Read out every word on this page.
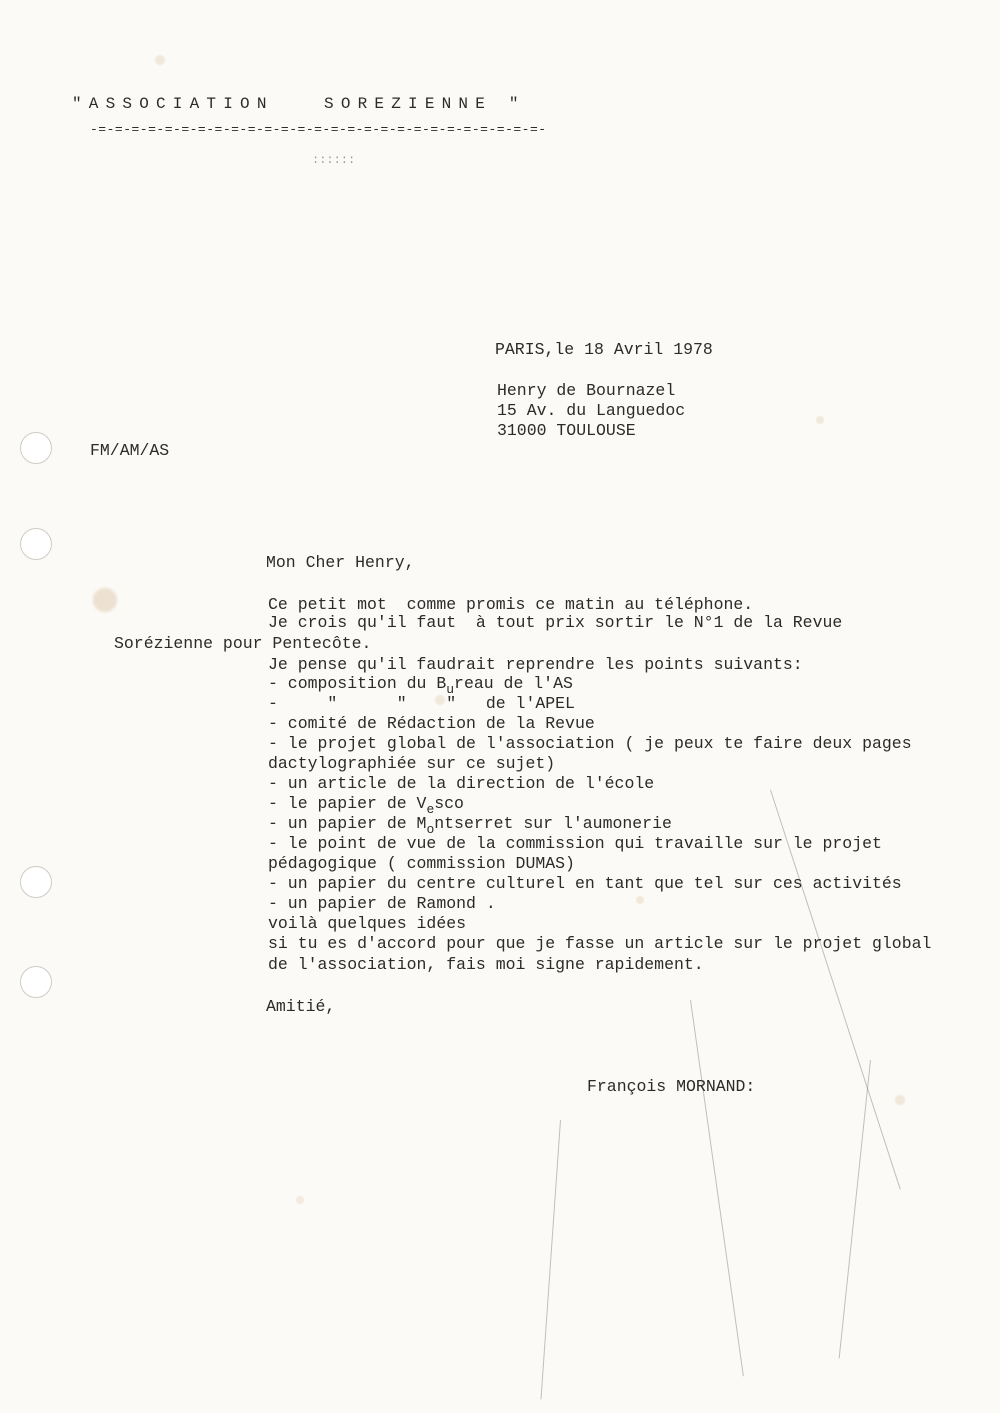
"ASSOCIATION   SOREZIENNE "
-=-=-=-=-=-=-=-=-=-=-=-=-=-=-=-=-=-=-=-=-=-=-=-=-=-=-=-
::::::
PARIS,le 18 Avril 1978
Henry de Bournazel
15 Av. du Languedoc
31000 TOULOUSE
FM/AM/AS
Mon Cher Henry,
Ce petit mot  comme promis ce matin au téléphone.
Je crois qu'il faut  à tout prix sortir le N°1 de la Revue
Sorézienne pour Pentecôte.
Je pense qu'il faudrait reprendre les points suivants:
- composition du $B_ureau$ de l'AS
-     "      "    "   de l'APEL
- comité de Rédaction de la Revue
- le projet global de l'association ( je peux te faire deux pages
dactylographiée sur ce sujet)
- un article de la direction de l'école
- le papier de $V_esco$
- un papier de $M_ontserret$ sur l'aumonerie
- le point de vue de la commission qui travaille sur le projet
pédagogique ( commission DUMAS)
- un papier du centre culturel en tant que tel sur ces activités
- un papier de Ramond .
voilà quelques idées
si tu es d'accord pour que je fasse un article sur le projet global
de l'association, fais moi signe rapidement.
Amitié,
François MORNAND:
